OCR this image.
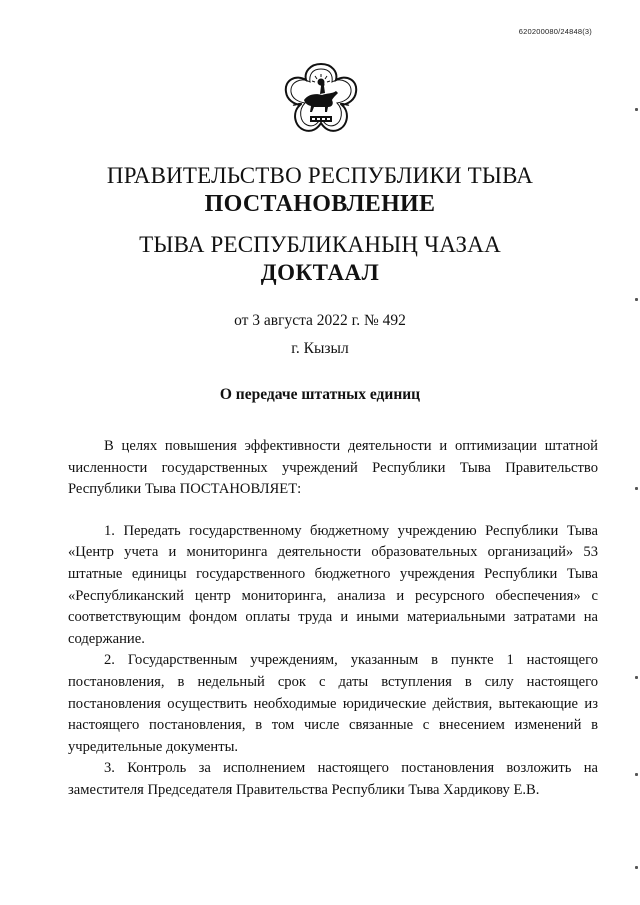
620200080/24848(3)
ПРАВИТЕЛЬСТВО РЕСПУБЛИКИ ТЫВА
ПОСТАНОВЛЕНИЕ
ТЫВА РЕСПУБЛИКАНЫҢ ЧАЗАА
ДОКТААЛ
от 3 августа 2022 г. № 492
г. Кызыл
О передаче штатных единиц

В целях повышения эффективности деятельности и оптимизации штатной численности государственных учреждений Республики Тыва Правительство Республики Тыва ПОСТАНОВЛЯЕТ:

1. Передать государственному бюджетному учреждению Республики Тыва «Центр учета и мониторинга деятельности образовательных организаций» 53 штатные единицы государственного бюджетного учреждения Республики Тыва «Республиканский центр мониторинга, анализа и ресурсного обеспечения» с соответствующим фондом оплаты труда и иными материальными затратами на содержание.

2. Государственным учреждениям, указанным в пункте 1 настоящего постановления, в недельный срок с даты вступления в силу настоящего постановления осуществить необходимые юридические действия, вытекающие из настоящего постановления, в том числе связанные с внесением изменений в учредительные документы.

3. Контроль за исполнением настоящего постановления возложить на заместителя Председателя Правительства Республики Тыва Хардикову Е.В.
